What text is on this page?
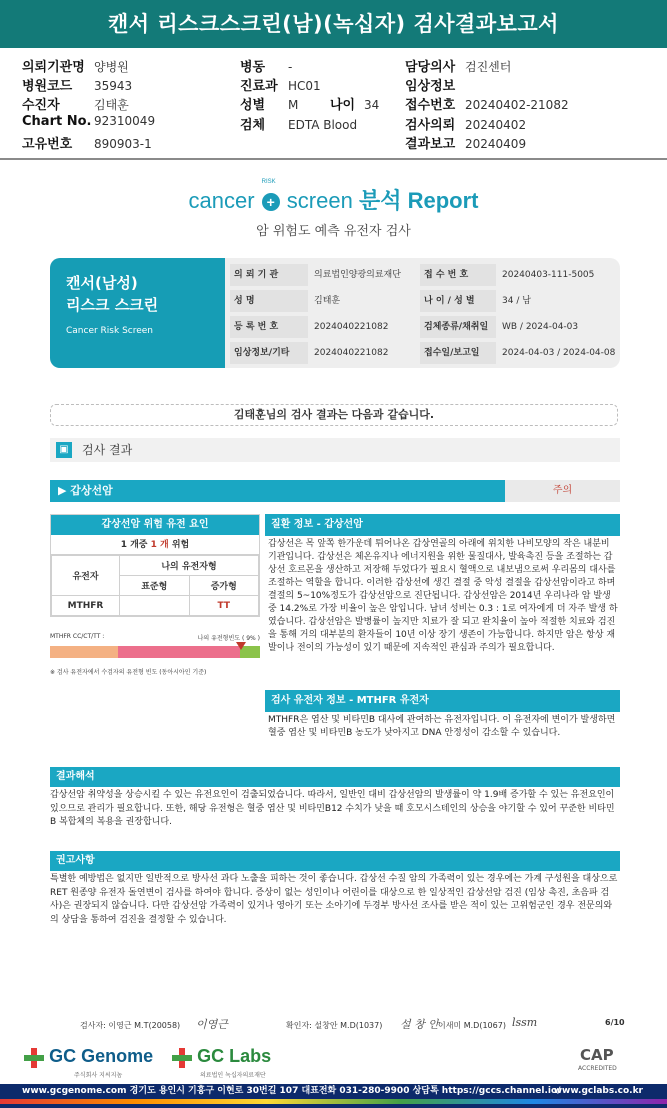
캔서 리스크스크린(남)(녹십자) 검사결과보고서
의뢰기관명 양병원
병원코드 35943
수진자	김태훈
Chart No. 92310049
고유번호 890903-1
병동 -
진료과 HC01
성별 M 나이 34
검체 EDTA Blood
담당의사 검진센터
임상정보
접수번호 20240402-21082
검사의뢰 20240402
결과보고 20240409
cancer +
RISK
screen 분석 Report
암 위험도 예측 유전자 검사
캔서(남성)
리스크 스크린
Cancer Risk Screen
의 뢰 기 관	의료법인양광의료재단	접 수 번 호	20240403-111-5005
성 명	김태훈	나 이 / 성 별	34 / 남
등 록 번 호	2024040221082	검체종류/채취일	WB / 2024-04-03
임상정보/기타	2024040221082	접수일/보고일	2024-04-03 / 2024-04-08
김태훈님의 검사 결과는 다음과 같습니다.
▣ 검사 결과
▶ 갑상선암	주의
갑상선암 위험 유전 요인
1 개중 1 개 위험
유전자	나의 유전자형	
	표준형	증가형
MTHFR		TT
MTHFR CC/CT/TT :	나의 유전형빈도 ( 9% )
※ 검사 유전자에서 수검자의 유전형 빈도 (동아시아인 기준)
질환 정보 - 갑상선암
갑상선은 목 앞쪽 한가운데 튀어나온 갑상연골의 아래에 위치한 나비모양의 작은 내분비기관입니다. 갑상선은 체온유지나 에너지원을 위한 물질대사, 발육촉진 등을 조절하는 갑상선 호르몬을 생산하고 저장해 두었다가 필요시 혈액으로 내보냄으로써 우리몸의 대사를 조절하는 역할을 합니다. 이러한 갑상선에 생긴 결절 중 악성 결절을 갑상선암이라고 하며 결절의 5~10%정도가 갑상선암으로 진단됩니다. 갑상선암은 2014년 우리나라 암 발생중 14.2%로 가장 비율이 높은 암입니다. 남녀 성비는 0.3 : 1로 여자에게 더 자주 발생 하였습니다. 갑상선암은 발병률이 높지만 치료가 잘 되고 완치율이 높아 적절한 치료와 검진을 통해 거의 대부분의 환자들이 10년 이상 장기 생존이 가능합니다. 하지만 암은 항상 재발이나 전이의 가능성이 있기 때문에 지속적인 관심과 주의가 필요합니다.
검사 유전자 정보 - MTHFR 유전자
MTHFR은 엽산 및 비타민B 대사에 관여하는 유전자입니다. 이 유전자에 변이가 발생하면 혈중 엽산 및 비타민B 농도가 낮아지고 DNA 안정성이 감소할 수 있습니다.
결과해석
갑상선암 취약성을 상승시킬 수 있는 유전요인이 검출되었습니다. 따라서, 일반인 대비 갑상선암의 발생률이 약 1.9배 증가할 수 있는 유전요인이 있으므로 관리가 필요합니다. 또한, 해당 유전형은 혈중 엽산 및 비타민B12 수치가 낮을 때 호모시스테인의 상승을 야기할 수 있어 꾸준한 비타민B 복합체의 복용을 권장합니다.
권고사항
특별한 예방법은 없지만 일반적으로 방사선 과다 노출을 피하는 것이 좋습니다. 갑상선 수질 암의 가족력이 있는 경우에는 가계 구성원을 대상으로 RET 원종양 유전자 돌연변이 검사를 하여야 합니다. 증상이 없는 성인이나 어린이를 대상으로 한 일상적인 갑상선암 검진 (임상 촉진, 초음파 검사)은 권장되지 않습니다. 다만 갑상선암 가족력이 있거나 영아기 또는 소아기에 두경부 방사선 조사를 받은 적이 있는 고위험군인 경우 전문의와의 상담을 통하여 검진을 결정할 수 있습니다.
검사자: 이영근 M.T(20058) 이영근	확인자: 설창안 M.D(1037) 설 창 안 이새미 M.D(1067) lssm	6/10
GC Genome
주식회사 지씨지놈
GC Labs
의료법인 녹십자의료재단
CAP
ACCREDITED
www.gcgenome.com 경기도 용인시 기흥구 이현로 30번길 107 대표전화 031-280-9900 상담톡 https://gccs.channel.io/
www.gclabs.co.kr
